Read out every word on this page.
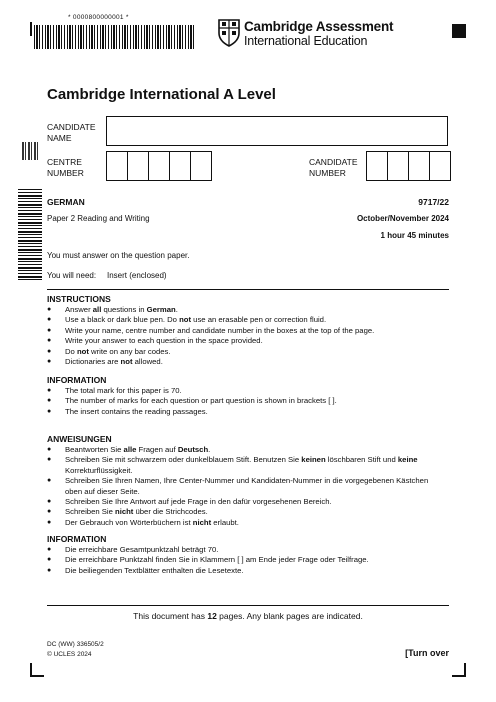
* 0000800000001 *
Cambridge Assessment
International Education
Cambridge International A Level
CANDIDATE
NAME
CENTRE
NUMBER
CANDIDATE
NUMBER
GERMAN	9717/22
Paper 2 Reading and Writing	October/November 2024
1 hour 45 minutes
You must answer on the question paper.
You will need: Insert (enclosed)
INSTRUCTIONS
● Answer all questions in German.
● Use a black or dark blue pen. Do not use an erasable pen or correction fluid.
● Write your name, centre number and candidate number in the boxes at the top of the page.
● Write your answer to each question in the space provided.
● Do not write on any bar codes.
● Dictionaries are not allowed.
INFORMATION
● The total mark for this paper is 70.
● The number of marks for each question or part question is shown in brackets [ ].
● The insert contains the reading passages.
ANWEISUNGEN
● Beantworten Sie alle Fragen auf Deutsch.
● Schreiben Sie mit schwarzem oder dunkelblauem Stift. Benutzen Sie keinen löschbaren Stift und keine Korrekturflüssigkeit.
● Schreiben Sie Ihren Namen, Ihre Center-Nummer und Kandidaten-Nummer in die vorgegebenen Kästchen oben auf dieser Seite.
● Schreiben Sie Ihre Antwort auf jede Frage in den dafür vorgesehenen Bereich.
● Schreiben Sie nicht über die Strichcodes.
● Der Gebrauch von Wörterbüchern ist nicht erlaubt.
INFORMATION
● Die erreichbare Gesamtpunktzahl beträgt 70.
● Die erreichbare Punktzahl finden Sie in Klammern [ ] am Ende jeder Frage oder Teilfrage.
● Die beiliegenden Textblätter enthalten die Lesetexte.
This document has 12 pages. Any blank pages are indicated.
DC (WW) 336505/2
© UCLES 2024	[Turn over
